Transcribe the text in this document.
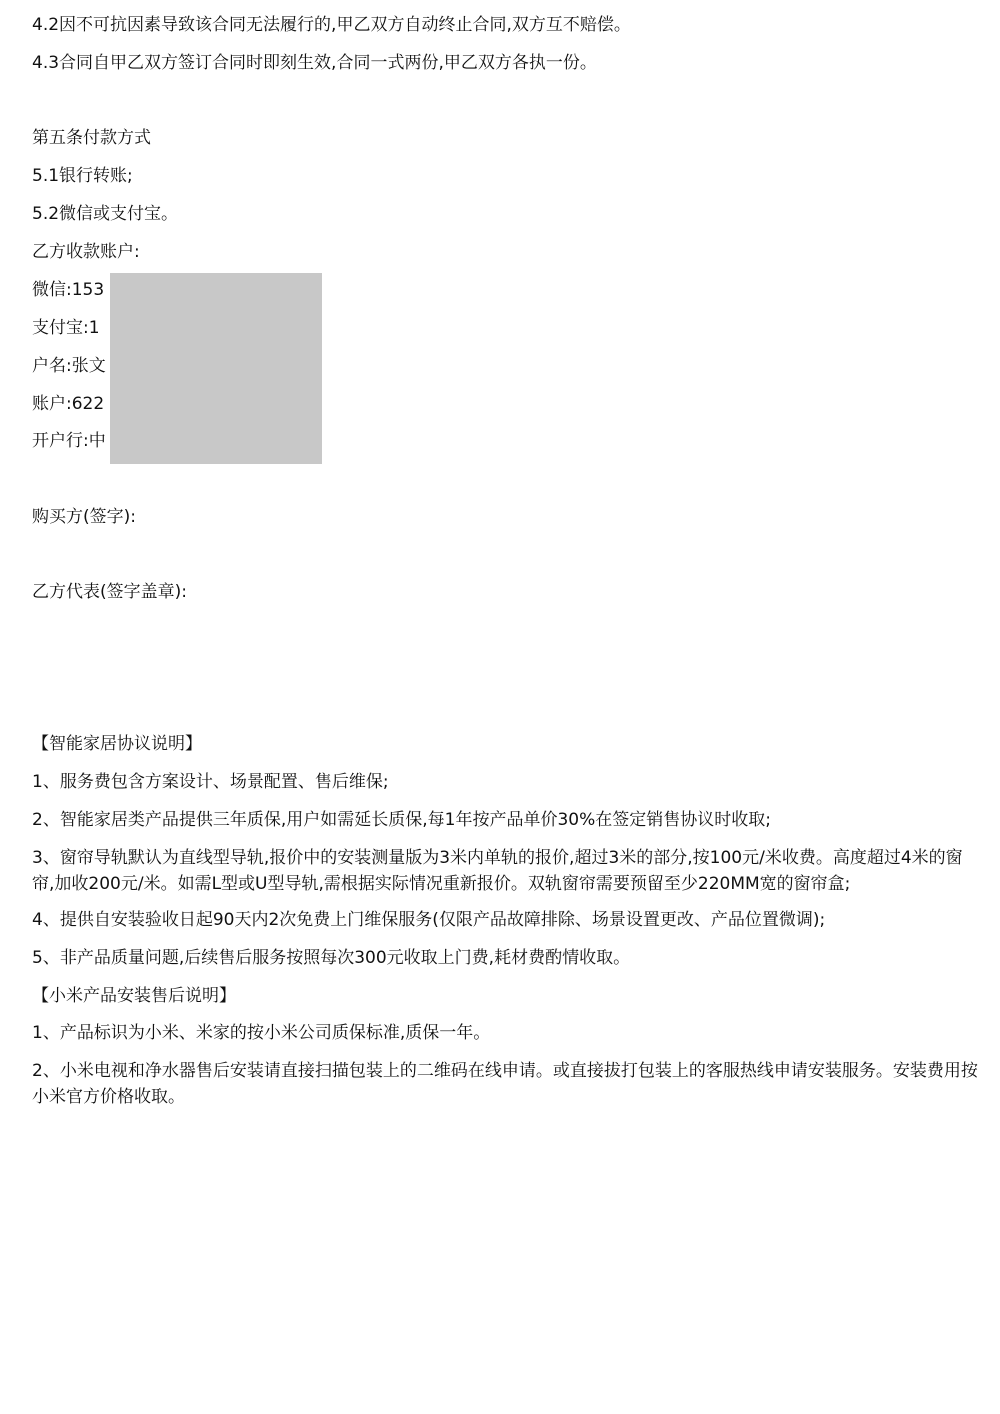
4.2因不可抗因素导致该合同无法履行的,甲乙双方自动终止合同,双方互不赔偿。
4.3合同自甲乙双方签订合同时即刻生效,合同一式两份,甲乙双方各执一份。
第五条付款方式
5.1银行转账;
5.2微信或支付宝。
乙方收款账户:
微信:153
支付宝:1
户名:张文
账户:622
开户行:中
购买方(签字):
乙方代表(签字盖章):
【智能家居协议说明】
1、服务费包含方案设计、场景配置、售后维保;
2、智能家居类产品提供三年质保,用户如需延长质保,每1年按产品单价30%在签定销售协议时收取;
3、窗帘导轨默认为直线型导轨,报价中的安装测量版为3米内单轨的报价,超过3米的部分,按100元/米收费。高度超过4米的窗帘,加收200元/米。如需L型或U型导轨,需根据实际情况重新报价。双轨窗帘需要预留至少220MM宽的窗帘盒;
4、提供自安装验收日起90天内2次免费上门维保服务(仅限产品故障排除、场景设置更改、产品位置微调);
5、非产品质量问题,后续售后服务按照每次300元收取上门费,耗材费酌情收取。
【小米产品安装售后说明】
1、产品标识为小米、米家的按小米公司质保标准,质保一年。
2、小米电视和净水器售后安装请直接扫描包装上的二维码在线申请。或直接拔打包装上的客服热线申请安装服务。安装费用按小米官方价格收取。
